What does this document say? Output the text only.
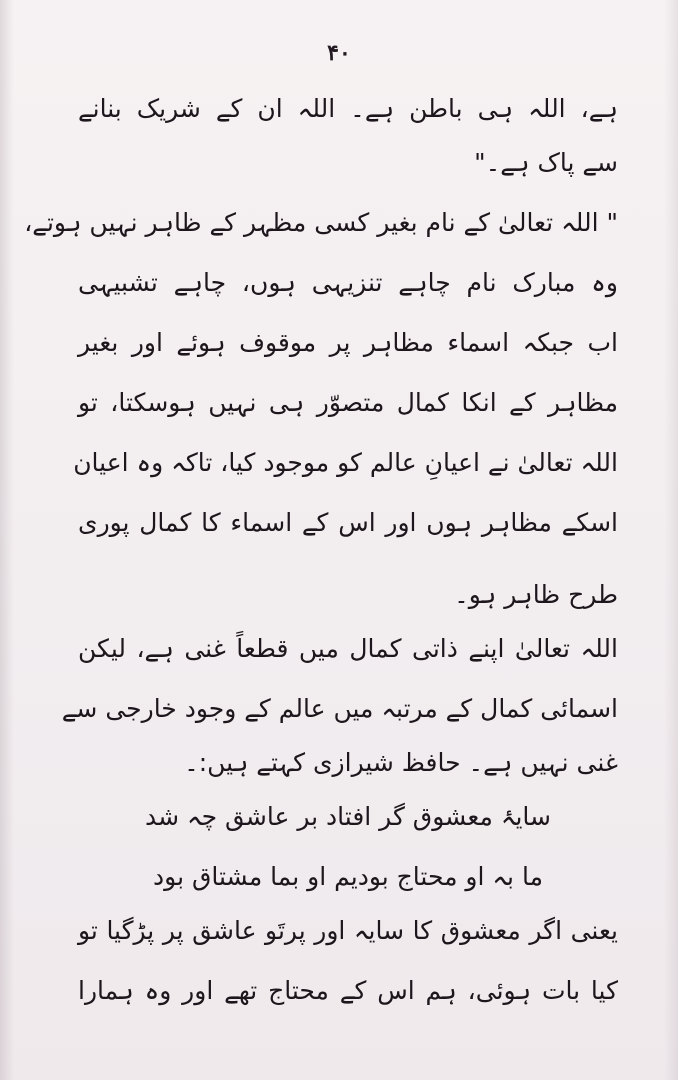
۴۰
ہے، اللہ ہی باطن ہے۔ اللہ ان کے شریک بنانے
سے پاک ہے۔"
" اللہ تعالیٰ کے نام بغیر کسی مظہر کے ظاہر نہیں ہوتے،
وہ مبارک نام چاہے تنزیہی ہوں، چاہے تشبیہی
اب جبکہ اسماء مظاہر پر موقوف ہوئے اور بغیر
مظاہر کے انکا کمال متصوّر ہی نہیں ہوسکتا، تو
اللہ تعالیٰ نے اعیانِ عالم کو موجود کیا، تاکہ وہ اعیان
اسکے مظاہر ہوں اور اس کے اسماء کا کمال پوری
طرح ظاہر ہو۔
اللہ تعالیٰ اپنے ذاتی کمال میں قطعاً غنی ہے، لیکن
اسمائی کمال کے مرتبہ میں عالم کے وجود خارجی سے
غنی نہیں ہے۔ حافظ شیرازی کہتے ہیں:۔
سایۂ معشوق گر افتاد بر عاشق چہ شد
ما بہ او محتاج بودیم او بما مشتاق بود
یعنی اگر معشوق کا سایہ اور پرتَو عاشق پر پڑگیا تو
کیا بات ہوئی، ہم اس کے محتاج تھے اور وہ ہمارا
